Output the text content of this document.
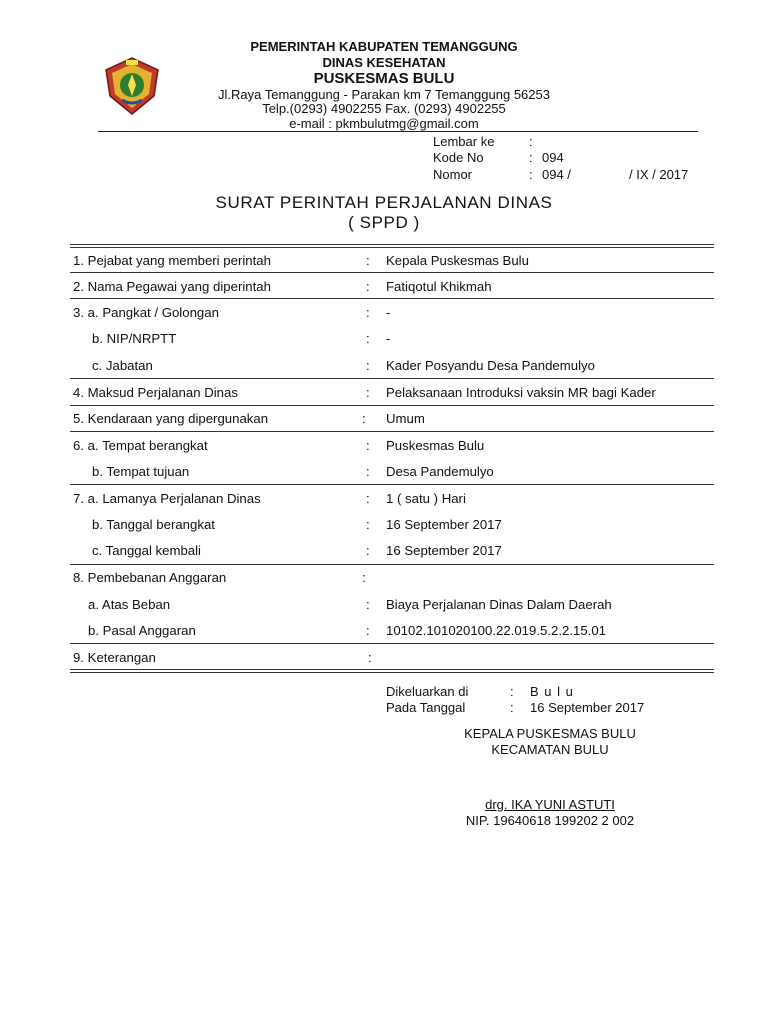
PEMERINTAH KABUPATEN TEMANGGUNG
DINAS KESEHATAN
PUSKESMAS BULU
Jl.Raya Temanggung - Parakan km 7 Temanggung 56253
Telp.(0293) 4902255 Fax. (0293) 4902255
e-mail : pkmbulutmg@gmail.com
Lembar ke	:
Kode No	: 094
Nomor	: 094 /	/ IX / 2017
SURAT PERINTAH PERJALANAN DINAS
( SPPD )
1. Pejabat yang memberi perintah	: Kepala Puskesmas Bulu
2. Nama Pegawai yang diperintah	: Fatiqotul Khikmah
3. a. Pangkat / Golongan	: -
b. NIP/NRPTT	: -
c. Jabatan	: Kader Posyandu Desa Pandemulyo
4. Maksud Perjalanan Dinas	: Pelaksanaan Introduksi vaksin MR bagi Kader
5. Kendaraan yang dipergunakan	: Umum
6. a. Tempat berangkat	: Puskesmas Bulu
b. Tempat tujuan	: Desa Pandemulyo
7. a. Lamanya Perjalanan Dinas	: 1 ( satu ) Hari
b. Tanggal berangkat	: 16 September 2017
c. Tanggal kembali	: 16 September 2017
8. Pembebanan Anggaran	:
a. Atas Beban	: Biaya Perjalanan Dinas Dalam Daerah
b. Pasal Anggaran	: 10102.101020100.22.019.5.2.2.15.01
9. Keterangan	:
Dikeluarkan di	: B u l u
Pada Tanggal	: 16 September 2017
KEPALA PUSKESMAS BULU
KECAMATAN BULU
drg. IKA YUNI ASTUTI
NIP. 19640618 199202 2 002
